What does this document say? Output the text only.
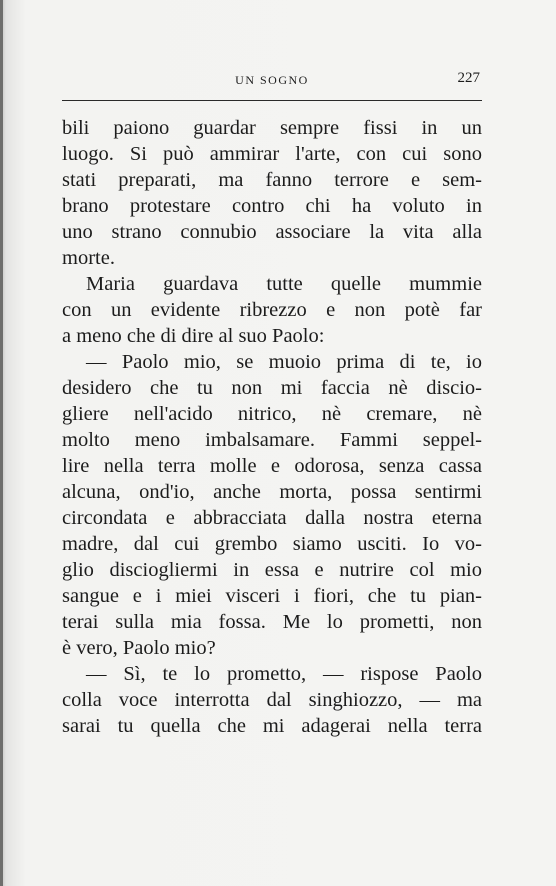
UN SOGNO	227
bili paiono guardar sempre fissi in un
luogo. Si può ammirar l'arte, con cui sono
stati preparati, ma fanno terrore e sem-
brano protestare contro chi ha voluto in
uno strano connubio associare la vita alla
morte.
Maria guardava tutte quelle mummie
con un evidente ribrezzo e non potè far
a meno che di dire al suo Paolo:
— Paolo mio, se muoio prima di te, io
desidero che tu non mi faccia nè discio-
gliere nell'acido nitrico, nè cremare, nè
molto meno imbalsamare. Fammi seppel-
lire nella terra molle e odorosa, senza cassa
alcuna, ond'io, anche morta, possa sentirmi
circondata e abbracciata dalla nostra eterna
madre, dal cui grembo siamo usciti. Io vo-
glio disciogliermi in essa e nutrire col mio
sangue e i miei visceri i fiori, che tu pian-
terai sulla mia fossa. Me lo prometti, non
è vero, Paolo mio?
— Sì, te lo prometto, — rispose Paolo
colla voce interrotta dal singhiozzo, — ma
sarai tu quella che mi adagerai nella terra
